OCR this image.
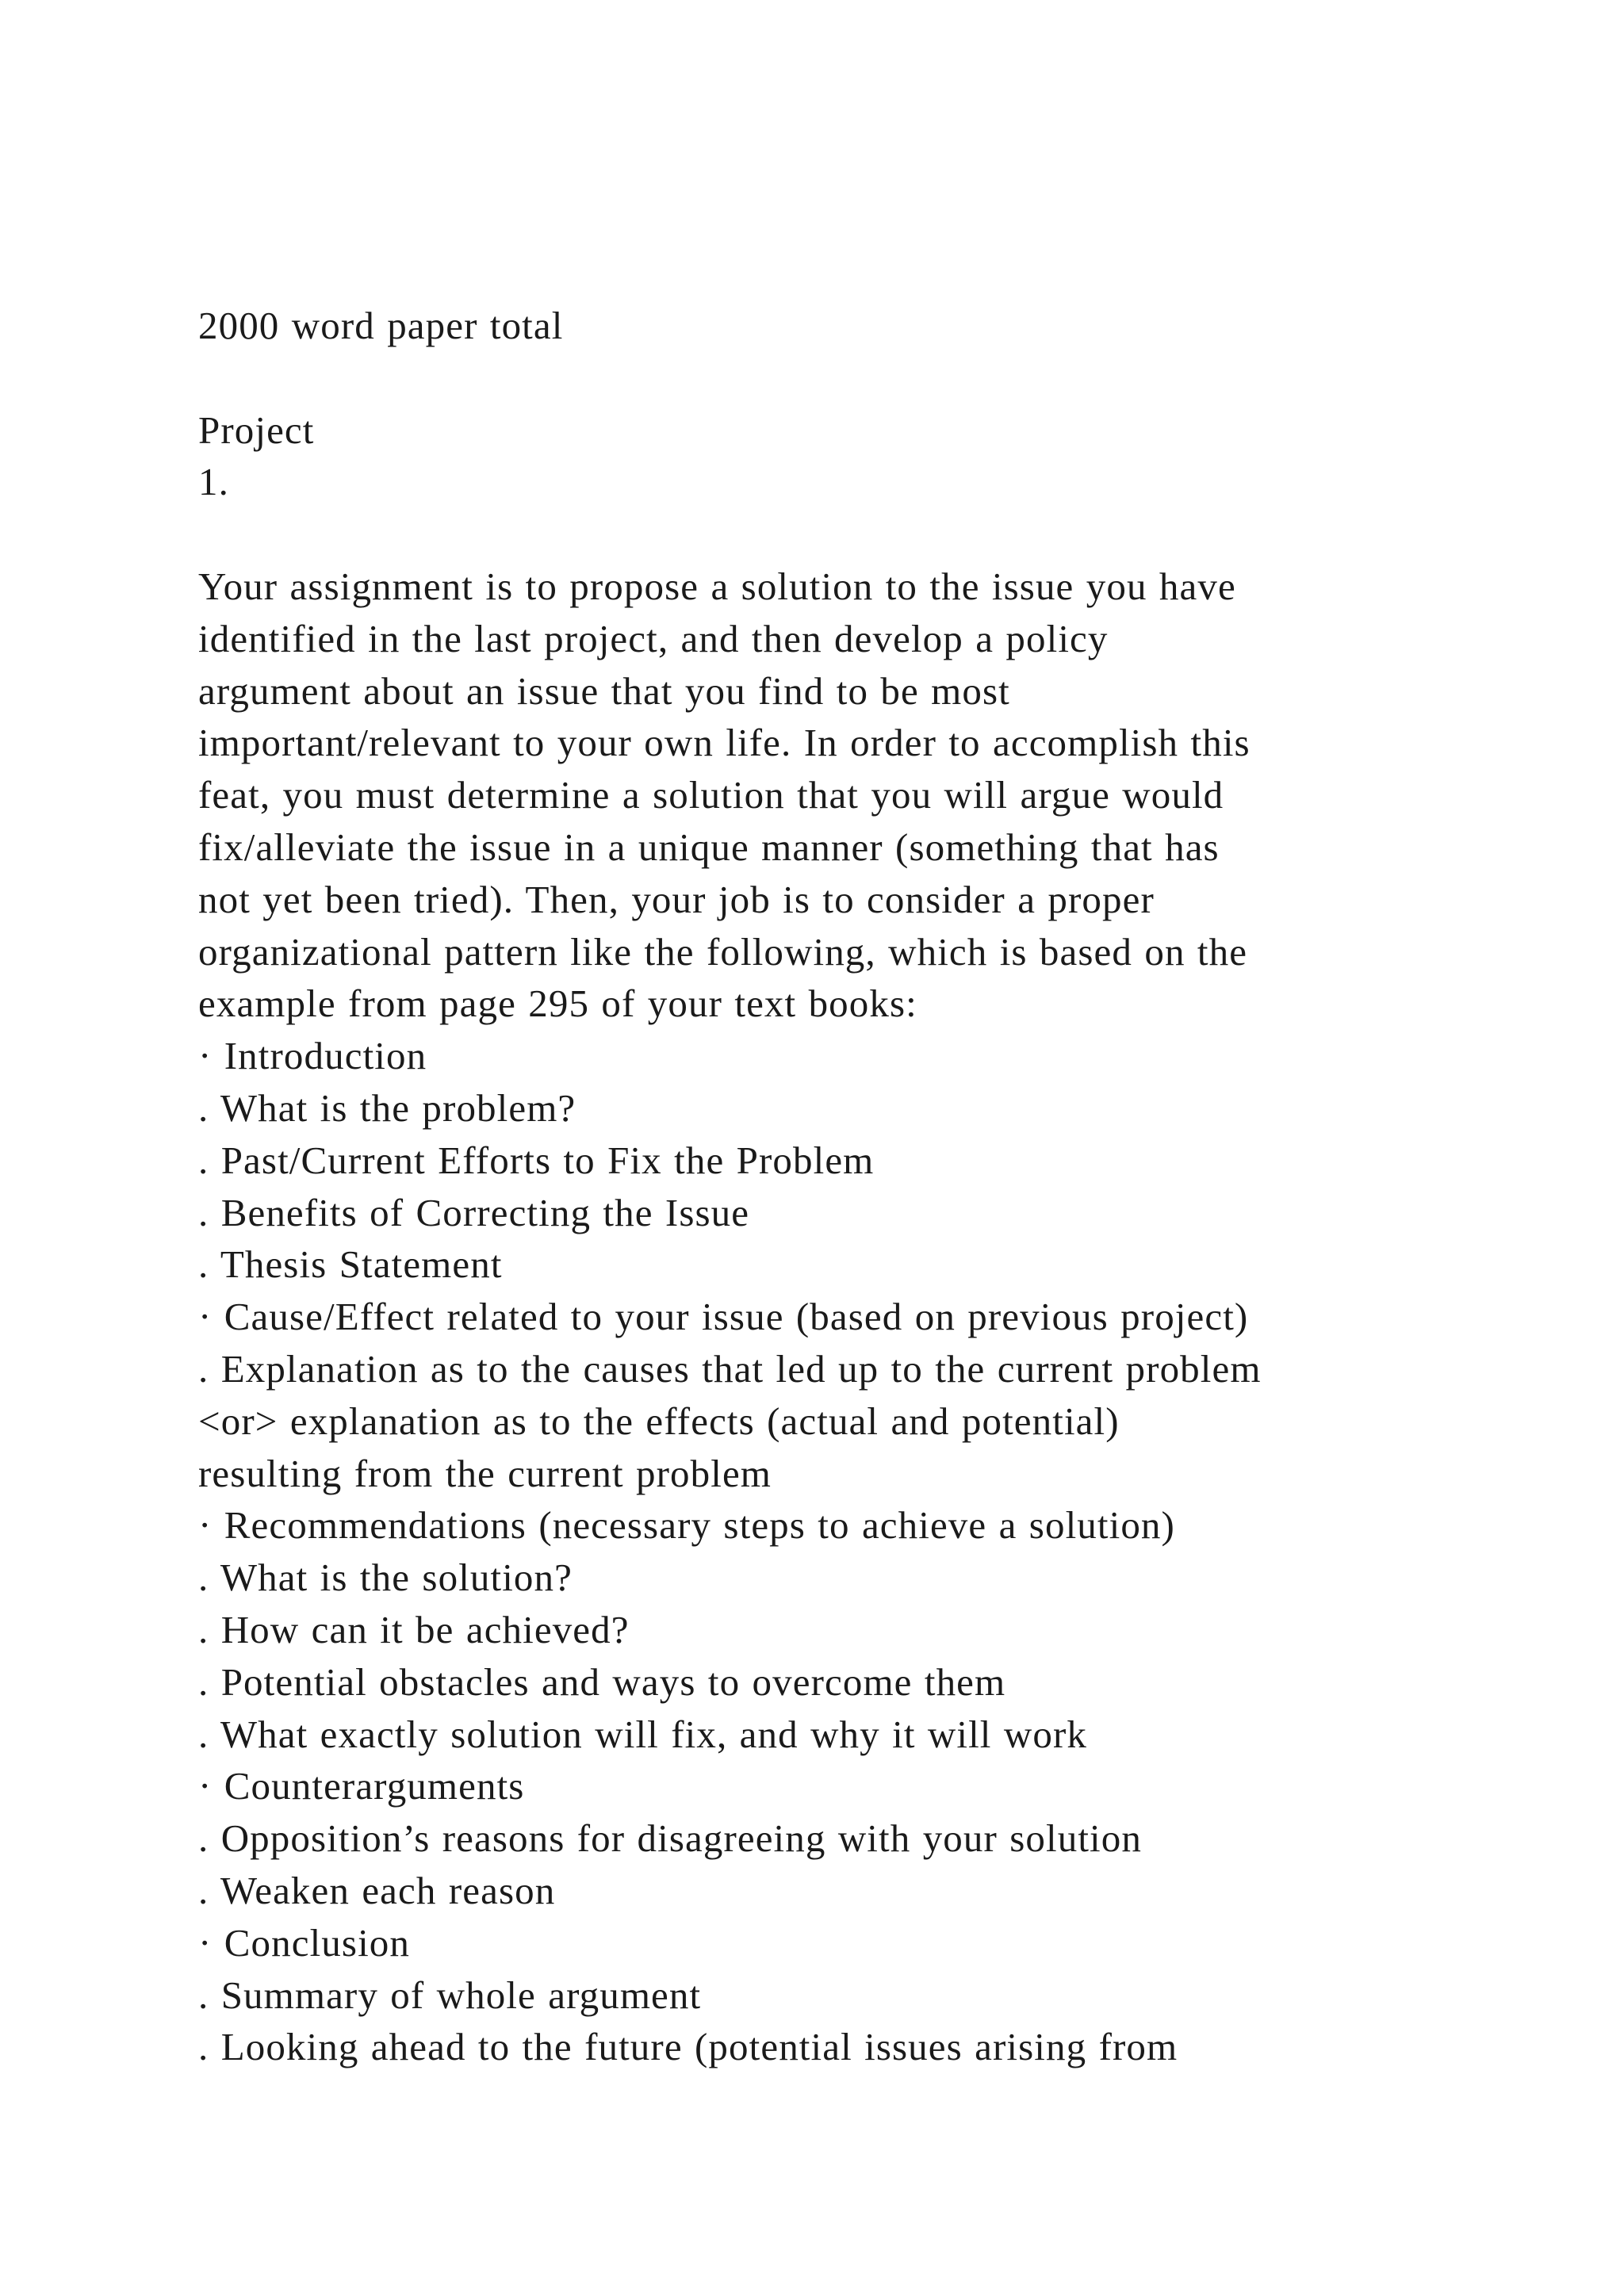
2000 word paper total
Project
1.
Your assignment is to propose a solution to the issue you have
identified in the last project, and then develop a policy
argument about an issue that you find to be most
important/relevant to your own life. In order to accomplish this
feat, you must determine a solution that you will argue would
fix/alleviate the issue in a unique manner (something that has
not yet been tried). Then, your job is to consider a proper
organizational pattern like the following, which is based on the
example from page 295 of your text books:
· Introduction
. What is the problem?
. Past/Current Efforts to Fix the Problem
. Benefits of Correcting the Issue
. Thesis Statement
· Cause/Effect related to your issue (based on previous project)
. Explanation as to the causes that led up to the current problem
<or> explanation as to the effects (actual and potential)
resulting from the current problem
· Recommendations (necessary steps to achieve a solution)
. What is the solution?
. How can it be achieved?
. Potential obstacles and ways to overcome them
. What exactly solution will fix, and why it will work
· Counterarguments
. Opposition’s reasons for disagreeing with your solution
. Weaken each reason
· Conclusion
. Summary of whole argument
. Looking ahead to the future (potential issues arising from
